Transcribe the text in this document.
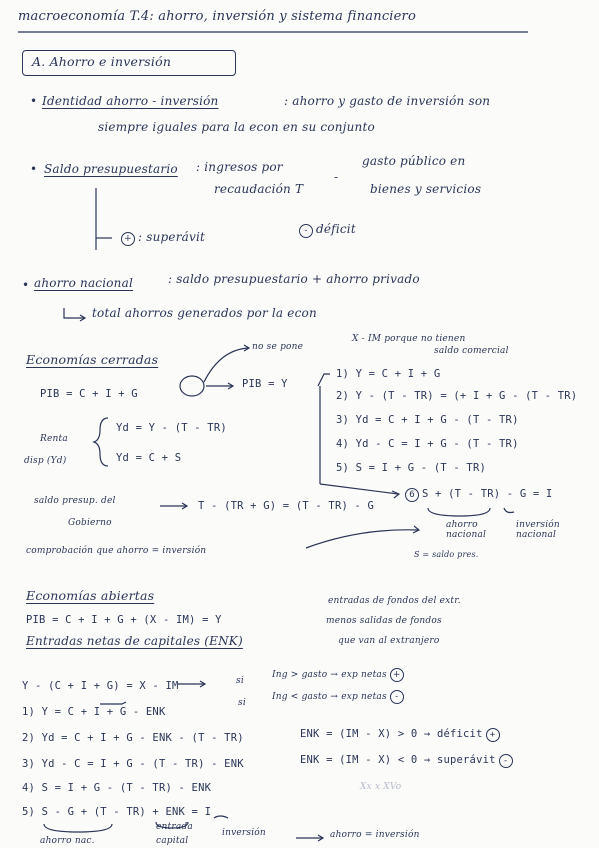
macroeconomía T.4: ahorro, inversión y sistema financiero
A. Ahorro e inversión
• Identidad ahorro - inversión	: ahorro y gasto de inversión son
siempre iguales para la econ en su conjunto
• Saldo presupuestario : ingresos por
recaudación T
-
gasto público en
bienes y servicios
+ : superávit	- déficit
• ahorro nacional	: saldo presupuestario + ahorro privado
total ahorros generados por la econ
Economías cerradas
no se pone
X - IM porque no tienen
saldo comercial
PIB = C + I + G
PIB = Y
Renta
disp (Yd)
Yd = Y - (T - TR)
Yd = C + S
1) Y = C + I + G
2) Y - (T - TR) = (+ I + G - (T - TR)
3) Yd = C + I + G - (T - TR)
4) Yd - C = I + G - (T - TR)
5) S = I + G - (T - TR)
saldo presup. del
Gobierno
T - (TR + G) = (T - TR) - G
6 S + (T - TR) - G = I
ahorro nacional
inversión nacional
S = saldo pres.
comprobación que ahorro = inversión
Economías abiertas
PIB = C + I + G + (X - IM) = Y
entradas de fondos del extr.
menos salidas de fondos
que van al extranjero
Entradas netas de capitales (ENK)
Y - (C + I + G) = X - IM	si
Ing > gasto → exp netas +
si
Ing < gasto → exp netas -
1) Y = C + I + G - ENK
2) Yd = C + I + G - ENK - (T - TR)
3) Yd - C = I + G - (T - TR) - ENK
4) S = I + G - (T - TR) - ENK
ENK = (IM - X) > 0 → déficit +
ENK = (IM - X) < 0 → superávit -
Xx x XVo
5) S - G + (T - TR) + ENK = I
ahorro nac.
entrada
capital
inversión	ahorro = inversión
